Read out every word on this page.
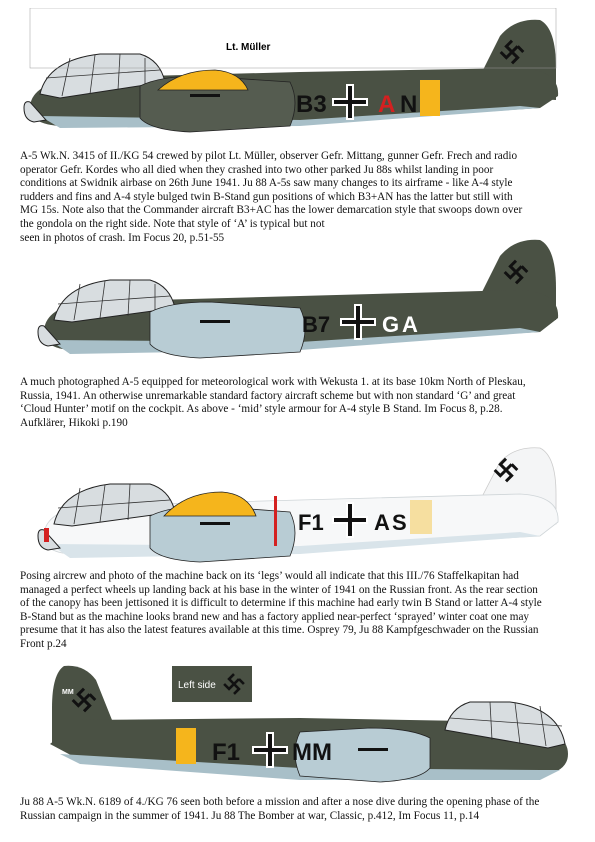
B3 A N
Lt. Müller

A-5 Wk.N. 3415 of II./KG 54 crewed by pilot Lt. Müller, observer Gefr. Mittang, gunner Gefr. Frech and radio

operator Gefr. Kordes who all died when they crashed into two other parked Ju 88s whilst landing in poor

conditions at Swidnik airbase on 26th June 1941. Ju 88 A-5s saw many changes to its airframe - like A-4 style

rudders and fins and A-4 style bulged twin B-Stand gun positions of which B3+AN has the latter but still with

MG 15s. Note also that the Commander aircraft B3+AC has the lower demarcation style that swoops down over

the gondola on the right side. Note that style of ‘A’ is typical but not

seen in photos of crash. Im Focus 20, p.51-55

B7 G A

A much photographed A-5 equipped for meteorological work with Wekusta 1. at its base 10km North of Pleskau,

Russia, 1941. An otherwise unremarkable standard factory aircraft scheme but with non standard ‘G’ and great

‘Cloud Hunter’ motif on the cockpit. As above - ‘mid’ style armour for A-4 style B Stand. Im Focus 8, p.28.

Aufklärer, Hikoki p.190

F1 A S

Posing aircrew and photo of the machine back on its ‘legs’ would all indicate that this III./76 Staffelkapitan had

managed a perfect wheels up landing back at his base in the winter of 1941 on the Russian front. As the rear section

of the canopy has been jettisoned it is difficult to determine if this machine had early twin B Stand or latter A-4 style

B-Stand but as the machine looks brand new and has a factory applied near-perfect ‘sprayed’ winter coat one may

presume that it has also the latest features available at this time. Osprey 79, Ju 88 Kampfgeschwader on the Russian

Front p.24

Left side
MM
F1 MM

Ju 88 A-5 Wk.N. 6189 of 4./KG 76 seen both before a mission and after a nose dive during the opening phase of the

Russian campaign in the summer of 1941. Ju 88 The Bomber at war, Classic, p.412, Im Focus 11, p.14
